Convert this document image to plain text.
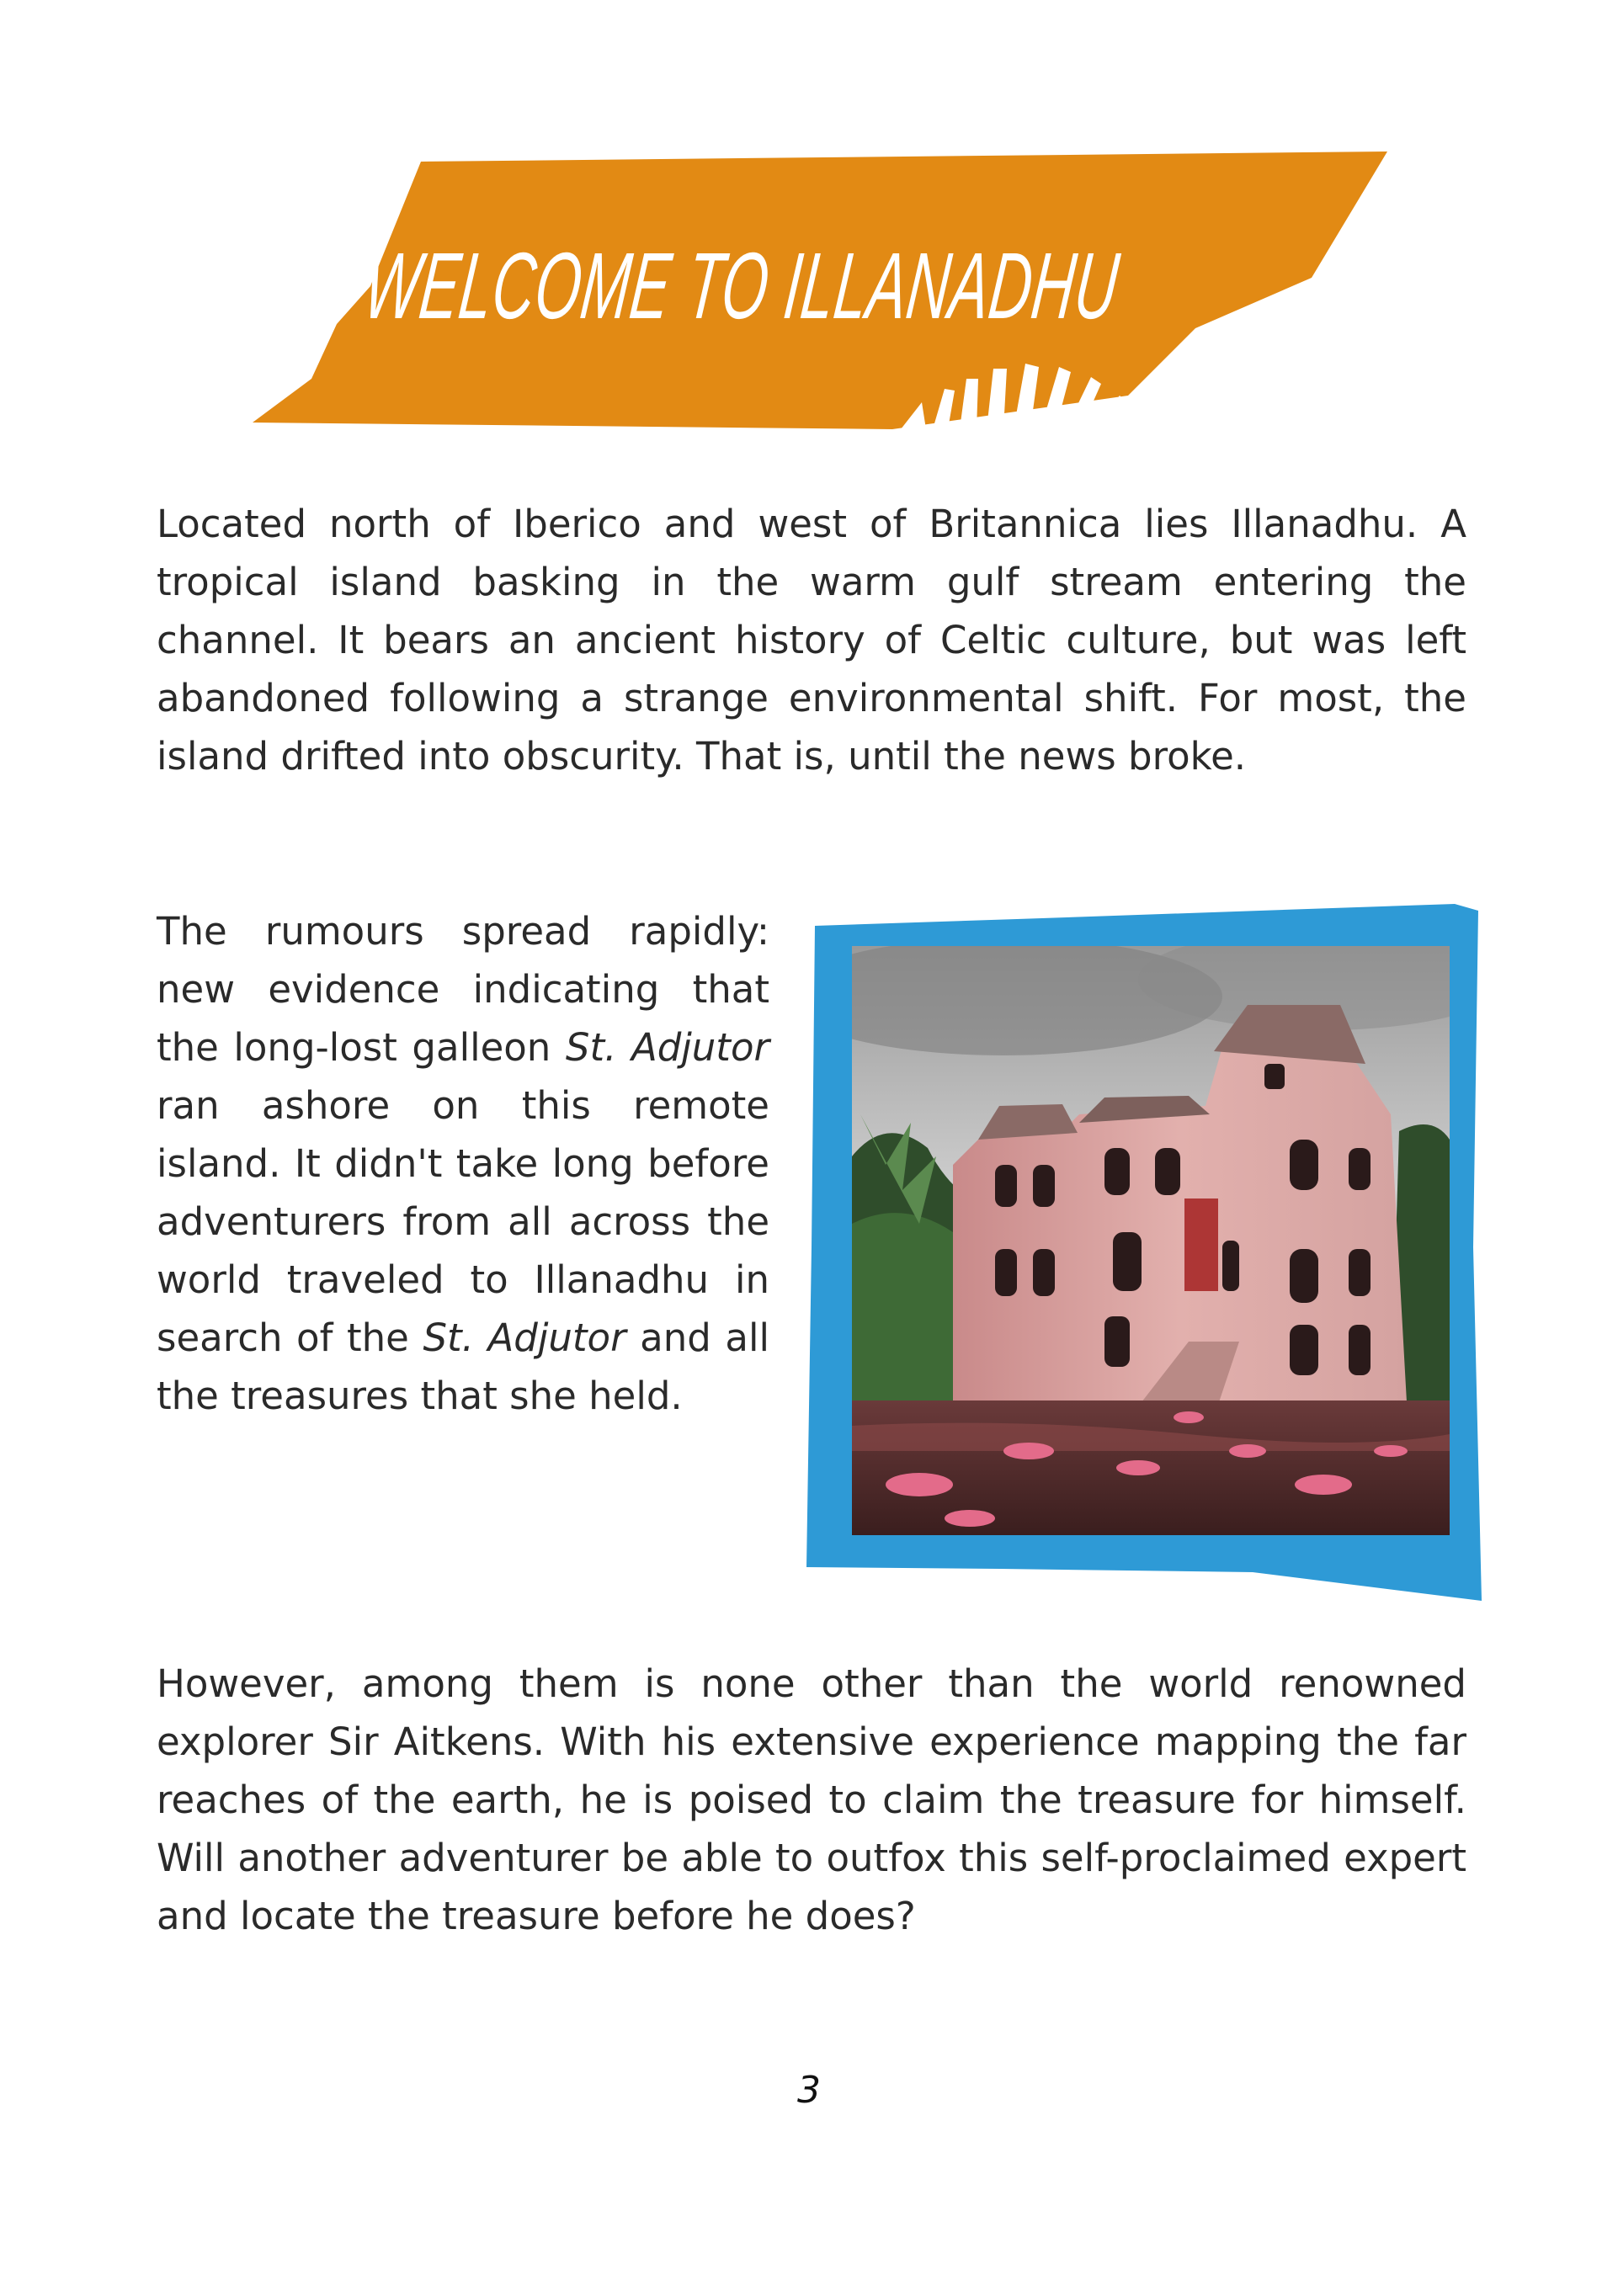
WELCOME TO ILLANADHU

Located north of Iberico and west of Britannica lies Illanadhu. A tropical island basking in the warm gulf stream entering the channel. It bears an ancient history of Celtic culture, but was left abandoned following a strange environmental shift. For most, the island drifted into obscurity. That is, until the news broke.

The rumours spread rapidly: new evidence indicating that the long-lost galleon St. Adjutor ran ashore on this remote island. It didn't take long before adventurers from all across the world traveled to Illanadhu in search of the St. Adjutor and all the treasures that she held.

However, among them is none other than the world renowned explorer Sir Aitkens. With his extensive experience mapping the far reaches of the earth, he is poised to claim the treasure for himself. Will another adventurer be able to outfox this self-proclaimed expert and locate the treasure before he does?

3
